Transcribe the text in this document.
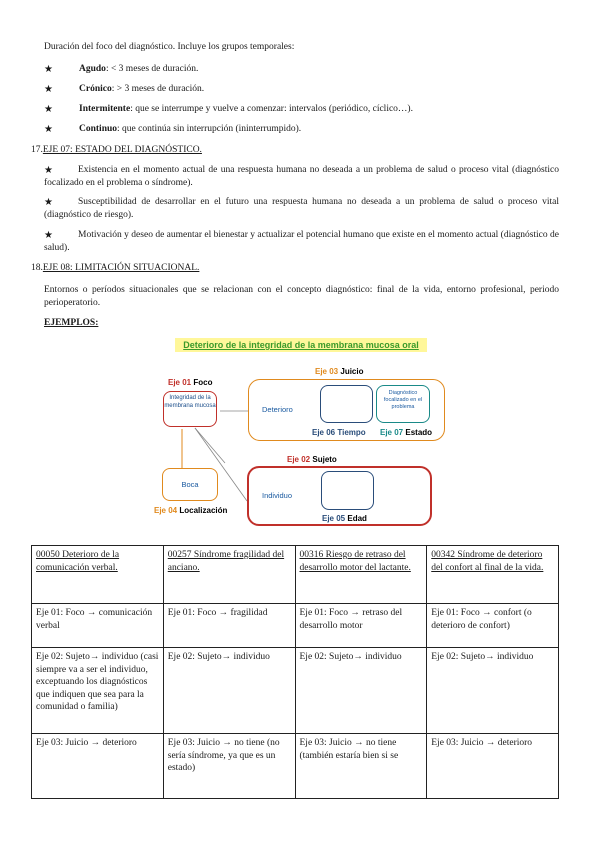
Duración del foco del diagnóstico. Incluye los grupos temporales:
★	Agudo: < 3 meses de duración.
★	Crónico: > 3 meses de duración.
★	Intermitente: que se interrumpe y vuelve a comenzar: intervalos (periódico, cíclico…).
★	Continuo: que continúa sin interrupción (ininterrumpido).
17.EJE 07: ESTADO DEL DIAGNÓSTICO.
★	Existencia en el momento actual de una respuesta humana no deseada a un problema de salud o proceso vital (diagnóstico focalizado en el problema o síndrome).
★	Susceptibilidad de desarrollar en el futuro una respuesta humana no deseada a un problema de salud o proceso vital (diagnóstico de riesgo).
★	Motivación y deseo de aumentar el bienestar y actualizar el potencial humano que existe en el momento actual (diagnóstico de salud).
18.EJE 08: LIMITACIÓN SITUACIONAL.
Entornos o períodos situacionales que se relacionan con el concepto diagnóstico: final de la vida, entorno profesional, periodo perioperatorio.
EJEMPLOS:
Deterioro de la integridad de la membrana mucosa oral
Eje 01 Foco
Integridad de la membrana mucosa
Eje 03 Juicio
Deterioro
Diagnóstico focalizado en el problema
Eje 06 Tiempo Eje 07 Estado
Eje 02 Sujeto
Individuo
Eje 05 Edad
Boca
Eje 04 Localización
00050 Deterioro de la comunicación verbal.	00257 Síndrome fragilidad del anciano.	00316 Riesgo de retraso del desarrollo motor del lactante.	00342 Síndrome de deterioro del confort al final de la vida.
Eje 01: Foco → comunicación verbal	Eje 01: Foco → fragilidad	Eje 01: Foco → retraso del desarrollo motor	Eje 01: Foco → confort (o deterioro de confort)
Eje 02: Sujeto→ individuo (casi siempre va a ser el individuo, exceptuando los diagnósticos que indiquen que sea para la comunidad o familia)	Eje 02: Sujeto→ individuo	Eje 02: Sujeto→ individuo	Eje 02: Sujeto→ individuo
Eje 03: Juicio → deterioro	Eje 03: Juicio → no tiene (no sería síndrome, ya que es un estado)	Eje 03: Juicio → no tiene (también estaría bien si se	Eje 03: Juicio → deterioro
